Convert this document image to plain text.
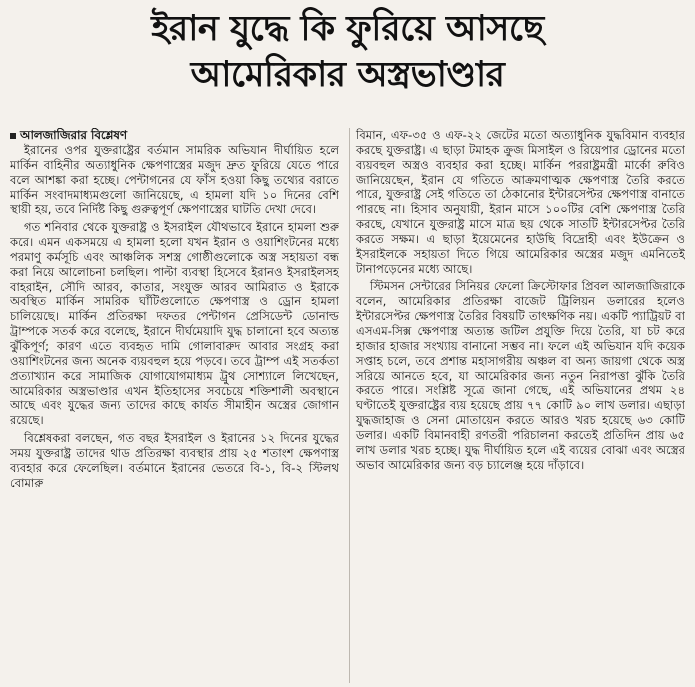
ইরান যুদ্ধে কি ফুরিয়ে আসছে
আমেরিকার অস্ত্রভাণ্ডার
আলজাজিরার বিশ্লেষণ

ইরানের ওপর যুক্তরাষ্ট্রের বর্তমান সামরিক অভিযান দীর্ঘায়িত হলে মার্কিন বাহিনীর অত্যাধুনিক ক্ষেপণাস্ত্রের মজুদ দ্রুত ফুরিয়ে যেতে পারে বলে আশঙ্কা করা হচ্ছে। পেন্টাগনের যে ফাঁস হওয়া কিছু তথ্যের বরাতে মার্কিন সংবাদমাধ্যমগুলো জানিয়েছে, এ হামলা যদি ১০ দিনের বেশি স্থায়ী হয়, তবে নির্দিষ্ট কিছু গুরুত্বপূর্ণ ক্ষেপণাস্ত্রের ঘাটতি দেখা দেবে।

গত শনিবার থেকে যুক্তরাষ্ট্র ও ইসরাইল যৌথভাবে ইরানে হামলা শুরু করে। এমন একসময়ে এ হামলা হলো যখন ইরান ও ওয়াশিংটনের মধ্যে পরমাণু কর্মসূচি এবং আঞ্চলিক সশস্ত্র গোষ্ঠীগুলোকে অস্ত্র সহায়তা বন্ধ করা নিয়ে আলোচনা চলছিল। পাল্টা ব্যবস্থা হিসেবে ইরানও ইসরাইলসহ বাহরাইন, সৌদি আরব, কাতার, সংযুক্ত আরব আমিরাত ও ইরাকে অবস্থিত মার্কিন সামরিক ঘাঁটিগুলোতে ক্ষেপণাস্ত্র ও ড্রোন হামলা চালিয়েছে। মার্কিন প্রতিরক্ষা দফতর পেন্টাগন প্রেসিডেন্ট ডোনাল্ড ট্রাম্পকে সতর্ক করে বলেছে, ইরানে দীর্ঘমেয়াদি যুদ্ধ চালানো হবে অত্যন্ত ঝুঁকিপূর্ণ; কারণ এতে ব্যবহৃত দামি গোলাবারুদ আবার সংগ্রহ করা ওয়াশিংটনের জন্য অনেক ব্যয়বহুল হয়ে পড়বে। তবে ট্রাম্প এই সতর্কতা প্রত্যাখ্যান করে সামাজিক যোগাযোগমাধ্যম ট্রুথ সোশ্যালে লিখেছেন, আমেরিকার অস্ত্রভাণ্ডার এখন ইতিহাসের সবচেয়ে শক্তিশালী অবস্থানে আছে এবং যুদ্ধের জন্য তাদের কাছে কার্যত সীমাহীন অস্ত্রের জোগান রয়েছে।

বিশ্লেষকরা বলছেন, গত বছর ইসরাইল ও ইরানের ১২ দিনের যুদ্ধের সময় যুক্তরাষ্ট্র তাদের থাড প্রতিরক্ষা ব্যবস্থার প্রায় ২৫ শতাংশ ক্ষেপণাস্ত্র ব্যবহার করে ফেলেছিল। বর্তমানে ইরানের ভেতরে বি-১, বি-২ স্টিলথ বোমারু

বিমান, এফ-৩৫ ও এফ-২২ জেটের মতো অত্যাধুনিক যুদ্ধবিমান ব্যবহার করছে যুক্তরাষ্ট্র। এ ছাড়া টমাহক ক্রুজ মিসাইল ও রিয়েপার ড্রোনের মতো ব্যয়বহুল অস্ত্রও ব্যবহার করা হচ্ছে। মার্কিন পররাষ্ট্রমন্ত্রী মার্কো রুবিও জানিয়েছেন, ইরান যে গতিতে আক্রমণাত্মক ক্ষেপণাস্ত্র তৈরি করতে পারে, যুক্তরাষ্ট্র সেই গতিতে তা ঠেকানোর ইন্টারসেপ্টর ক্ষেপণাস্ত্র বানাতে পারছে না। হিসাব অনুযায়ী, ইরান মাসে ১০০টির বেশি ক্ষেপণাস্ত্র তৈরি করছে, যেখানে যুক্তরাষ্ট্র মাসে মাত্র ছয় থেকে সাতটি ইন্টারসেপ্টর তৈরি করতে সক্ষম। এ ছাড়া ইয়েমেনের হাউছি বিদ্রোহী এবং ইউক্রেন ও ইসরাইলকে সহায়তা দিতে গিয়ে আমেরিকার অস্ত্রের মজুদ এমনিতেই টানাপড়েনের মধ্যে আছে।

স্টিমসন সেন্টারের সিনিয়র ফেলো ক্রিস্টোফার প্রিবল আলজাজিরাকে বলেন, আমেরিকার প্রতিরক্ষা বাজেট ট্রিলিয়ন ডলারের হলেও ইন্টারসেপ্টর ক্ষেপণাস্ত্র তৈরির বিষয়টি তাৎক্ষণিক নয়। একটি প্যাট্রিয়ট বা এসএম-সিক্স ক্ষেপণাস্ত্র অত্যন্ত জটিল প্রযুক্তি দিয়ে তৈরি, যা চট করে হাজার হাজার সংখ্যায় বানানো সম্ভব না। ফলে এই অভিযান যদি কয়েক সপ্তাহ চলে, তবে প্রশান্ত মহাসাগরীয় অঞ্চল বা অন্য জায়গা থেকে অস্ত্র সরিয়ে আনতে হবে, যা আমেরিকার জন্য নতুন নিরাপত্তা ঝুঁকি তৈরি করতে পারে। সংশ্লিষ্ট সূত্রে জানা গেছে, এই অভিযানের প্রথম ২৪ ঘণ্টাতেই যুক্তরাষ্ট্রের ব্যয় হয়েছে প্রায় ৭৭ কোটি ৯০ লাখ ডলার। এছাড়া যুদ্ধজাহাজ ও সেনা মোতায়েন করতে আরও খরচ হয়েছে ৬৩ কোটি ডলার। একটি বিমানবাহী রণতরী পরিচালনা করতেই প্রতিদিন প্রায় ৬৫ লাখ ডলার খরচ হচ্ছে। যুদ্ধ দীর্ঘায়িত হলে এই ব্যয়ের বোঝা এবং অস্ত্রের অভাব আমেরিকার জন্য বড় চ্যালেঞ্জ হয়ে দাঁড়াবে।
